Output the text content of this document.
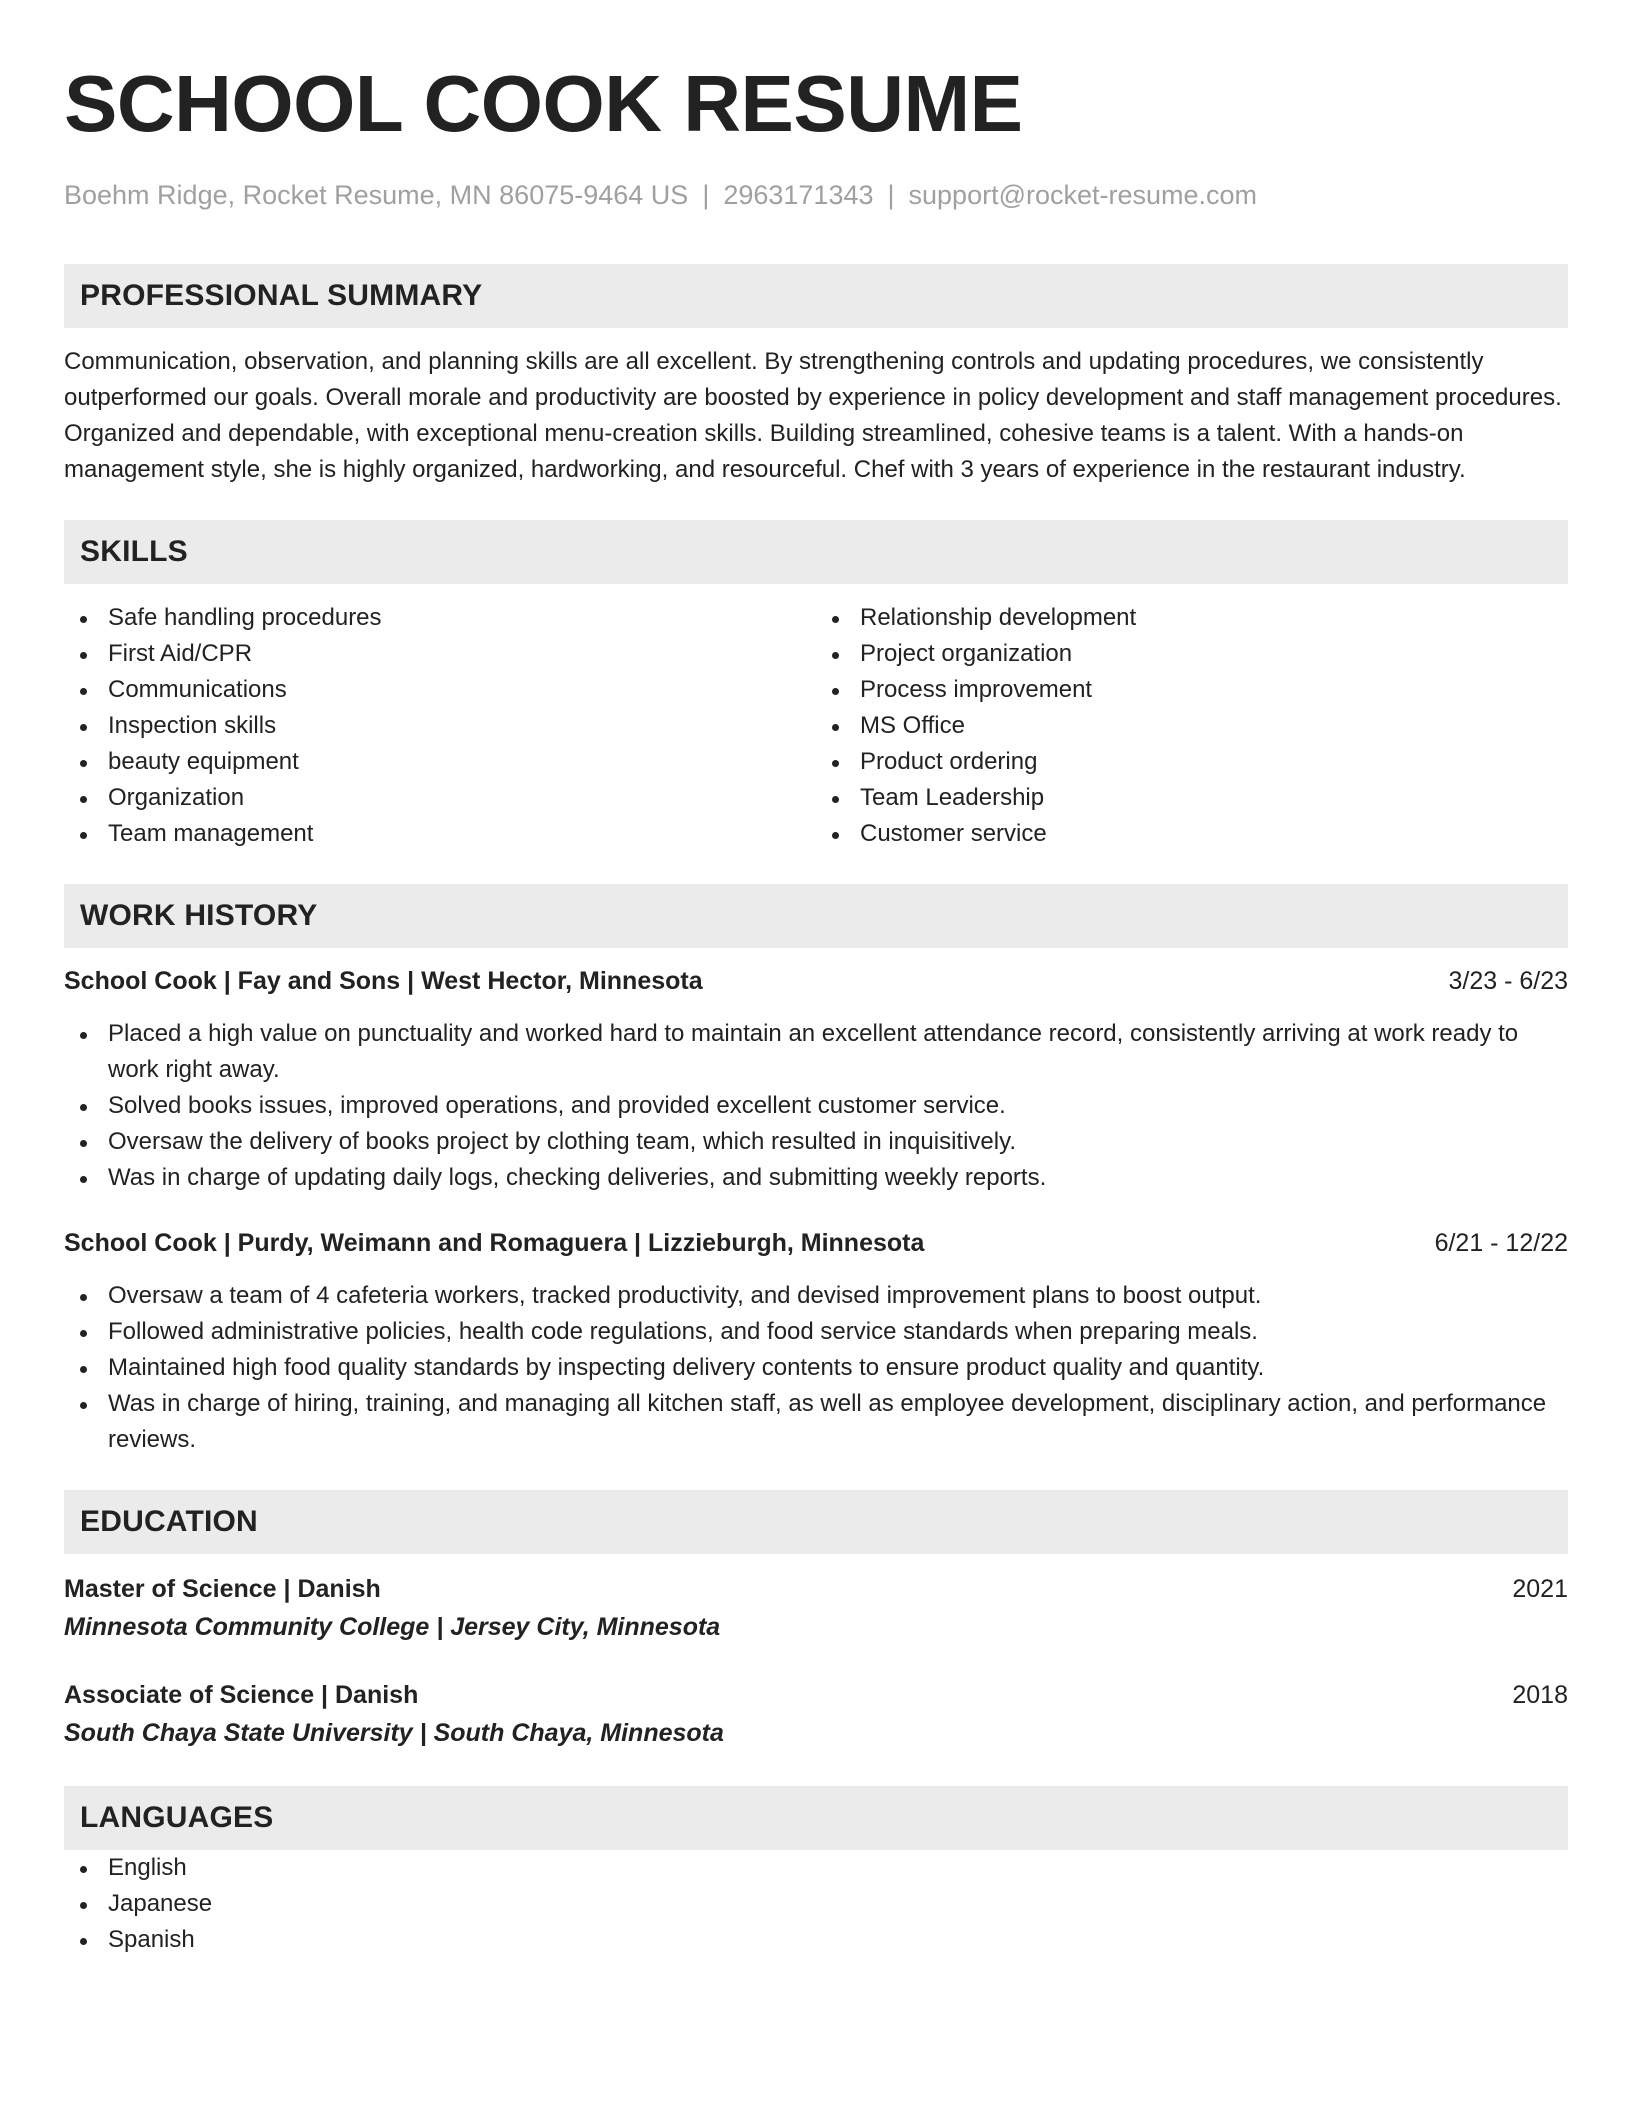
SCHOOL COOK RESUME
Boehm Ridge, Rocket Resume, MN 86075-9464 US | 2963171343 | support@rocket-resume.com
PROFESSIONAL SUMMARY
Communication, observation, and planning skills are all excellent. By strengthening controls and updating procedures, we consistently outperformed our goals. Overall morale and productivity are boosted by experience in policy development and staff management procedures. Organized and dependable, with exceptional menu-creation skills. Building streamlined, cohesive teams is a talent. With a hands-on management style, she is highly organized, hardworking, and resourceful. Chef with 3 years of experience in the restaurant industry.
SKILLS
Safe handling procedures
First Aid/CPR
Communications
Inspection skills
beauty equipment
Organization
Team management
Relationship development
Project organization
Process improvement
MS Office
Product ordering
Team Leadership
Customer service
WORK HISTORY
School Cook | Fay and Sons | West Hector, Minnesota	3/23 - 6/23
Placed a high value on punctuality and worked hard to maintain an excellent attendance record, consistently arriving at work ready to work right away.
Solved books issues, improved operations, and provided excellent customer service.
Oversaw the delivery of books project by clothing team, which resulted in inquisitively.
Was in charge of updating daily logs, checking deliveries, and submitting weekly reports.
School Cook | Purdy, Weimann and Romaguera | Lizzieburgh, Minnesota	6/21 - 12/22
Oversaw a team of 4 cafeteria workers, tracked productivity, and devised improvement plans to boost output.
Followed administrative policies, health code regulations, and food service standards when preparing meals.
Maintained high food quality standards by inspecting delivery contents to ensure product quality and quantity.
Was in charge of hiring, training, and managing all kitchen staff, as well as employee development, disciplinary action, and performance reviews.
EDUCATION
Master of Science | Danish	2021
Minnesota Community College | Jersey City, Minnesota
Associate of Science | Danish	2018
South Chaya State University | South Chaya, Minnesota
LANGUAGES
English
Japanese
Spanish
